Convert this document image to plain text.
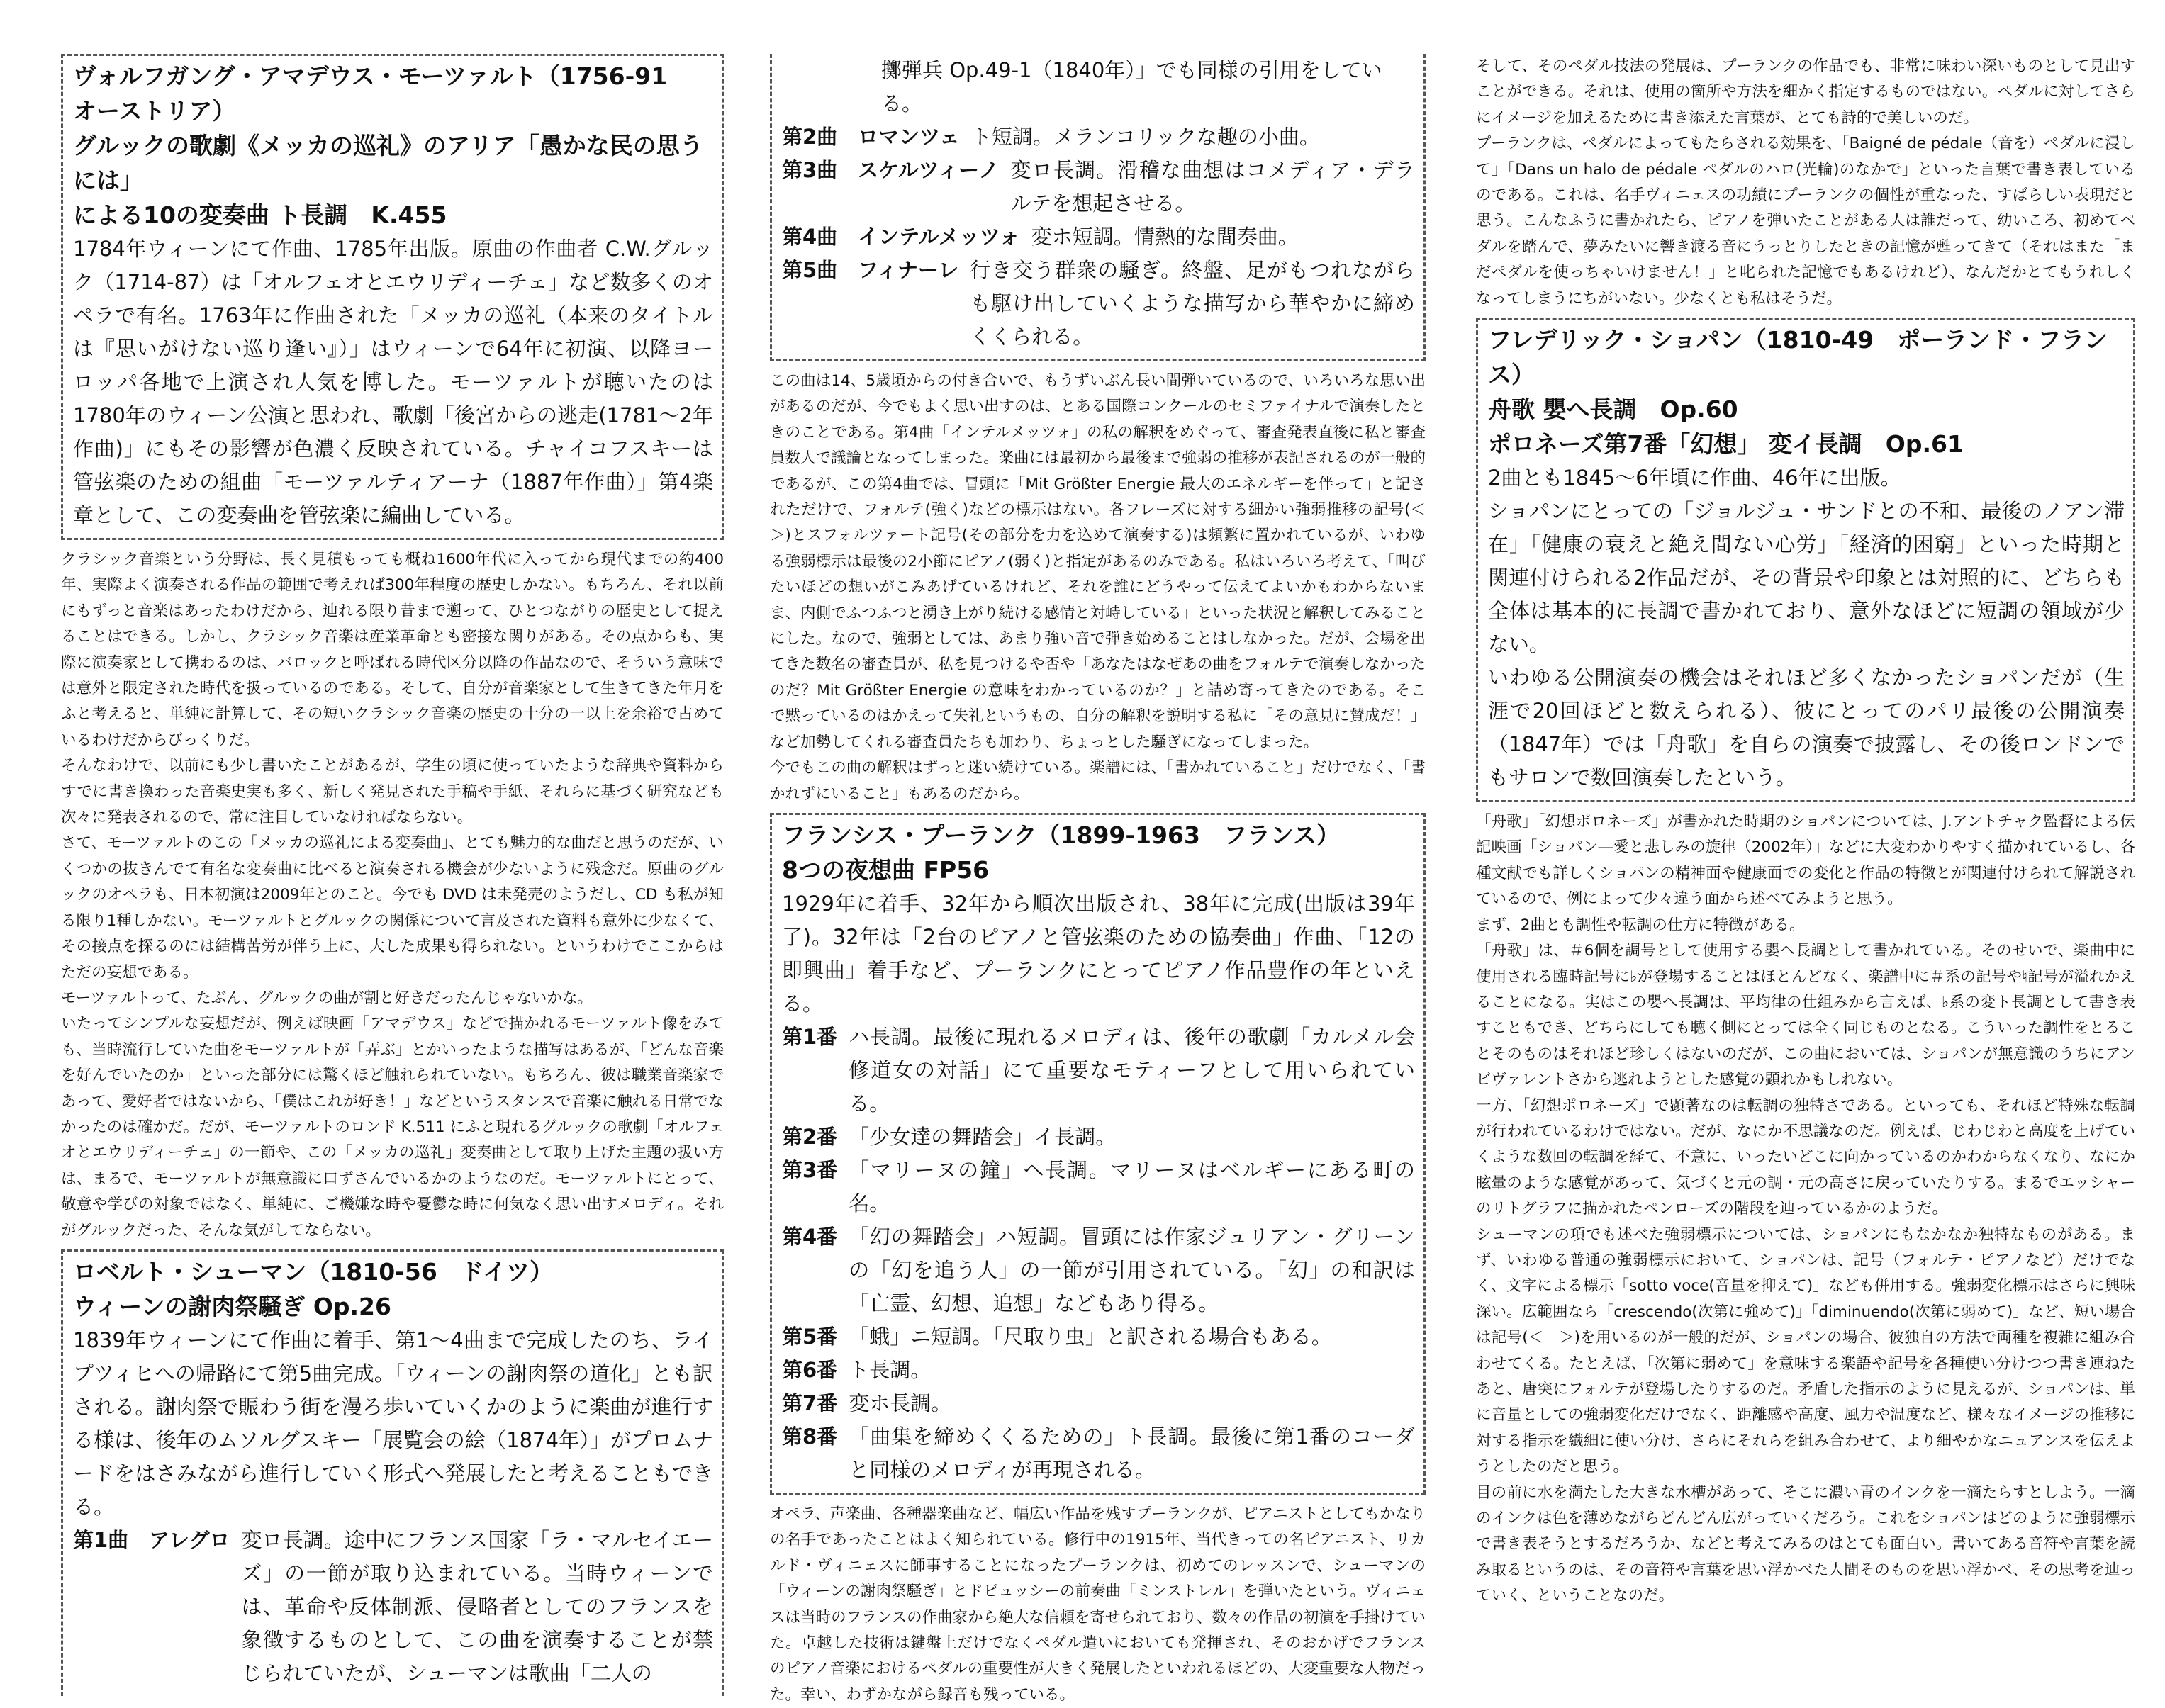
ヴォルフガング・アマデウス・モーツァルト（1756-91　オーストリア）

グルックの歌劇《メッカの巡礼》のアリア「愚かな民の思うには」

による10の変奏曲 ト長調　K.455

1784年ウィーンにて作曲、1785年出版。原曲の作曲者 C.W.グルック（1714-87）は「オルフェオとエウリディーチェ」など数多くのオペラで有名。1763年に作曲された「メッカの巡礼（本来のタイトルは『思いがけない巡り逢い』）」はウィーンで64年に初演、以降ヨーロッパ各地で上演され人気を博した。モーツァルトが聴いたのは1780年のウィーン公演と思われ、歌劇「後宮からの逃走(1781～2年作曲)」にもその影響が色濃く反映されている。チャイコフスキーは管弦楽のための組曲「モーツァルティアーナ（1887年作曲）」第4楽章として、この変奏曲を管弦楽に編曲している。

クラシック音楽という分野は、長く見積もっても概ね1600年代に入ってから現代までの約400年、実際よく演奏される作品の範囲で考えれば300年程度の歴史しかない。もちろん、それ以前にもずっと音楽はあったわけだから、辿れる限り昔まで遡って、ひとつながりの歴史として捉えることはできる。しかし、クラシック音楽は産業革命とも密接な関りがある。その点からも、実際に演奏家として携わるのは、バロックと呼ばれる時代区分以降の作品なので、そういう意味では意外と限定された時代を扱っているのである。そして、自分が音楽家として生きてきた年月をふと考えると、単純に計算して、その短いクラシック音楽の歴史の十分の一以上を余裕で占めているわけだからびっくりだ。

そんなわけで、以前にも少し書いたことがあるが、学生の頃に使っていたような辞典や資料からすでに書き換わった音楽史実も多く、新しく発見された手稿や手紙、それらに基づく研究なども次々に発表されるので、常に注目していなければならない。

さて、モーツァルトのこの「メッカの巡礼による変奏曲」、とても魅力的な曲だと思うのだが、いくつかの抜きんでて有名な変奏曲に比べると演奏される機会が少ないように残念だ。原曲のグルックのオペラも、日本初演は2009年とのこと。今でも DVD は未発売のようだし、CD も私が知る限り1種しかない。モーツァルトとグルックの関係について言及された資料も意外に少なくて、その接点を探るのには結構苦労が伴う上に、大した成果も得られない。というわけでここからはただの妄想である。

モーツァルトって、たぶん、グルックの曲が割と好きだったんじゃないかな。

いたってシンプルな妄想だが、例えば映画「アマデウス」などで描かれるモーツァルト像をみても、当時流行していた曲をモーツァルトが「弄ぶ」とかいったような描写はあるが、「どんな音楽を好んでいたのか」といった部分には驚くほど触れられていない。もちろん、彼は職業音楽家であって、愛好者ではないから、「僕はこれが好き！」などというスタンスで音楽に触れる日常でなかったのは確かだ。だが、モーツァルトのロンド K.511 にふと現れるグルックの歌劇「オルフェオとエウリディーチェ」の一節や、この「メッカの巡礼」変奏曲として取り上げた主題の扱い方は、まるで、モーツァルトが無意識に口ずさんでいるかのようなのだ。モーツァルトにとって、敬意や学びの対象ではなく、単純に、ご機嫌な時や憂鬱な時に何気なく思い出すメロディ。それがグルックだった、そんな気がしてならない。

ロベルト・シューマン（1810-56　ドイツ）

ウィーンの謝肉祭騒ぎ Op.26

1839年ウィーンにて作曲に着手、第1～4曲まで完成したのち、ライプツィヒへの帰路にて第5曲完成。「ウィーンの謝肉祭の道化」とも訳される。謝肉祭で賑わう街を漫ろ歩いていくかのように楽曲が進行する様は、後年のムソルグスキー「展覧会の絵（1874年）」がプロムナードをはさみながら進行していく形式へ発展したと考えることもできる。

第1曲　アレグロ 変ロ長調。途中にフランス国家「ラ・マルセイエーズ」の一節が取り込まれている。当時ウィーンでは、革命や反体制派、侵略者としてのフランスを象徴するものとして、この曲を演奏することが禁じられていたが、シューマンは歌曲「二人の

擲弾兵 Op.49-1（1840年）」でも同様の引用をしている。

第2曲　ロマンツェ ト短調。メランコリックな趣の小曲。
第3曲　スケルツィーノ 変ロ長調。滑稽な曲想はコメディア・デラルテを想起させる。
第4曲　インテルメッツォ 変ホ短調。情熱的な間奏曲。
第5曲　フィナーレ 行き交う群衆の騒ぎ。終盤、足がもつれながらも駆け出していくような描写から華やかに締めくくられる。

この曲は14、5歳頃からの付き合いで、もうずいぶん長い間弾いているので、いろいろな思い出があるのだが、今でもよく思い出すのは、とある国際コンクールのセミファイナルで演奏したときのことである。第4曲「インテルメッツォ」の私の解釈をめぐって、審査発表直後に私と審査員数人で議論となってしまった。楽曲には最初から最後まで強弱の推移が表記されるのが一般的であるが、この第4曲では、冒頭に「Mit Größter Energie 最大のエネルギーを伴って」と記されただけで、フォルテ(強く)などの標示はない。各フレーズに対する細かい強弱推移の記号(＜　＞)とスフォルツァート記号(その部分を力を込めて演奏する)は頻繁に置かれているが、いわゆる強弱標示は最後の2小節にピアノ(弱く)と指定があるのみである。私はいろいろ考えて、「叫びたいほどの想いがこみあげているけれど、それを誰にどうやって伝えてよいかもわからないまま、内側でふつふつと湧き上がり続ける感情と対峙している」といった状況と解釈してみることにした。なので、強弱としては、あまり強い音で弾き始めることはしなかった。だが、会場を出てきた数名の審査員が、私を見つけるや否や「あなたはなぜあの曲をフォルテで演奏しなかったのだ？Mit Größter Energie の意味をわかっているのか？」と詰め寄ってきたのである。そこで黙っているのはかえって失礼というもの、自分の解釈を説明する私に「その意見に賛成だ！」など加勢してくれる審査員たちも加わり、ちょっとした騒ぎになってしまった。

今でもこの曲の解釈はずっと迷い続けている。楽譜には、「書かれていること」だけでなく、「書かれずにいること」もあるのだから。

フランシス・プーランク（1899-1963　フランス）

8つの夜想曲 FP56

1929年に着手、32年から順次出版され、38年に完成(出版は39年了)。32年は「2台のピアノと管弦楽のための協奏曲」作曲、「12の即興曲」着手など、プーランクにとってピアノ作品豊作の年といえる。

第1番 ハ長調。最後に現れるメロディは、後年の歌劇「カルメル会修道女の対話」にて重要なモティーフとして用いられている。
第2番 「少女達の舞踏会」イ長調。
第3番 「マリーヌの鐘」ヘ長調。マリーヌはベルギーにある町の名。
第4番 「幻の舞踏会」ハ短調。冒頭には作家ジュリアン・グリーンの「幻を追う人」の一節が引用されている。「幻」の和訳は「亡霊、幻想、追想」などもあり得る。
第5番 「蛾」ニ短調。「尺取り虫」と訳される場合もある。
第6番 ト長調。
第7番 変ホ長調。
第8番 「曲集を締めくくるための」ト長調。最後に第1番のコーダと同様のメロディが再現される。

オペラ、声楽曲、各種器楽曲など、幅広い作品を残すプーランクが、ピアニストとしてもかなりの名手であったことはよく知られている。修行中の1915年、当代きっての名ピアニスト、リカルド・ヴィニェスに師事することになったプーランクは、初めてのレッスンで、シューマンの「ウィーンの謝肉祭騒ぎ」とドビュッシーの前奏曲「ミンストレル」を弾いたという。ヴィニェスは当時のフランスの作曲家から絶大な信頼を寄せられており、数々の作品の初演を手掛けていた。卓越した技術は鍵盤上だけでなくペダル遣いにおいても発揮され、そのおかげでフランスのピアノ音楽におけるペダルの重要性が大きく発展したといわれるほどの、大変重要な人物だった。幸い、わずかながら録音も残っている。

そして、そのペダル技法の発展は、プーランクの作品でも、非常に味わい深いものとして見出すことができる。それは、使用の箇所や方法を細かく指定するものではない。ペダルに対してさらにイメージを加えるために書き添えた言葉が、とても詩的で美しいのだ。

プーランクは、ペダルによってもたらされる効果を、「Baigné de pédale（音を）ペダルに浸して」「Dans un halo de pédale ペダルのハロ(光輪)のなかで」といった言葉で書き表しているのである。これは、名手ヴィニェスの功績にプーランクの個性が重なった、すばらしい表現だと思う。こんなふうに書かれたら、ピアノを弾いたことがある人は誰だって、幼いころ、初めてペダルを踏んで、夢みたいに響き渡る音にうっとりしたときの記憶が甦ってきて（それはまた「まだペダルを使っちゃいけません！」と叱られた記憶でもあるけれど）、なんだかとてもうれしくなってしまうにちがいない。少なくとも私はそうだ。

フレデリック・ショパン（1810-49　ポーランド・フランス）

舟歌 嬰へ長調　Op.60

ポロネーズ第7番「幻想」 変イ長調　Op.61

2曲とも1845～6年頃に作曲、46年に出版。

ショパンにとっての「ジョルジュ・サンドとの不和、最後のノアン滞在」「健康の衰えと絶え間ない心労」「経済的困窮」といった時期と関連付けられる2作品だが、その背景や印象とは対照的に、どちらも全体は基本的に長調で書かれており、意外なほどに短調の領域が少ない。

いわゆる公開演奏の機会はそれほど多くなかったショパンだが（生涯で20回ほどと数えられる）、彼にとってのパリ最後の公開演奏（1847年）では「舟歌」を自らの演奏で披露し、その後ロンドンでもサロンで数回演奏したという。

「舟歌」「幻想ポロネーズ」が書かれた時期のショパンについては、J.アントチャク監督による伝記映画「ショパン―愛と悲しみの旋律（2002年）」などに大変わかりやすく描かれているし、各種文献でも詳しくショパンの精神面や健康面での変化と作品の特徴とが関連付けられて解説されているので、例によって少々違う面から述べてみようと思う。

まず、2曲とも調性や転調の仕方に特徴がある。

「舟歌」は、＃6個を調号として使用する嬰へ長調として書かれている。そのせいで、楽曲中に使用される臨時記号に♭が登場することはほとんどなく、楽譜中に＃系の記号や♮記号が溢れかえることになる。実はこの嬰へ長調は、平均律の仕組みから言えば、♭系の変ト長調として書き表すこともでき、どちらにしても聴く側にとっては全く同じものとなる。こういった調性をとることそのものはそれほど珍しくはないのだが、この曲においては、ショパンが無意識のうちにアンビヴァレントさから逃れようとした感覚の顕れかもしれない。

一方、「幻想ポロネーズ」で顕著なのは転調の独特さである。といっても、それほど特殊な転調が行われているわけではない。だが、なにか不思議なのだ。例えば、じわじわと高度を上げていくような数回の転調を経て、不意に、いったいどこに向かっているのかわからなくなり、なにか眩暈のような感覚があって、気づくと元の調・元の高さに戻っていたりする。まるでエッシャーのリトグラフに描かれたペンローズの階段を辿っているかのようだ。

シューマンの項でも述べた強弱標示については、ショパンにもなかなか独特なものがある。まず、いわゆる普通の強弱標示において、ショパンは、記号（フォルテ・ピアノなど）だけでなく、文字による標示「sotto voce(音量を抑えて)」なども併用する。強弱変化標示はさらに興味深い。広範囲なら「crescendo(次第に強めて)」「diminuendo(次第に弱めて)」など、短い場合は記号(＜　＞)を用いるのが一般的だが、ショパンの場合、彼独自の方法で両種を複雑に組み合わせてくる。たとえば、「次第に弱めて」を意味する楽語や記号を各種使い分けつつ書き連ねたあと、唐突にフォルテが登場したりするのだ。矛盾した指示のように見えるが、ショパンは、単に音量としての強弱変化だけでなく、距離感や高度、風力や温度など、様々なイメージの推移に対する指示を繊細に使い分け、さらにそれらを組み合わせて、より細やかなニュアンスを伝えようとしたのだと思う。

目の前に水を満たした大きな水槽があって、そこに濃い青のインクを一滴たらすとしよう。一滴のインクは色を薄めながらどんどん広がっていくだろう。これをショパンはどのように強弱標示で書き表そうとするだろうか、などと考えてみるのはとても面白い。書いてある音符や言葉を読み取るというのは、その音符や言葉を思い浮かべた人間そのものを思い浮かべ、その思考を辿っていく、ということなのだ。
